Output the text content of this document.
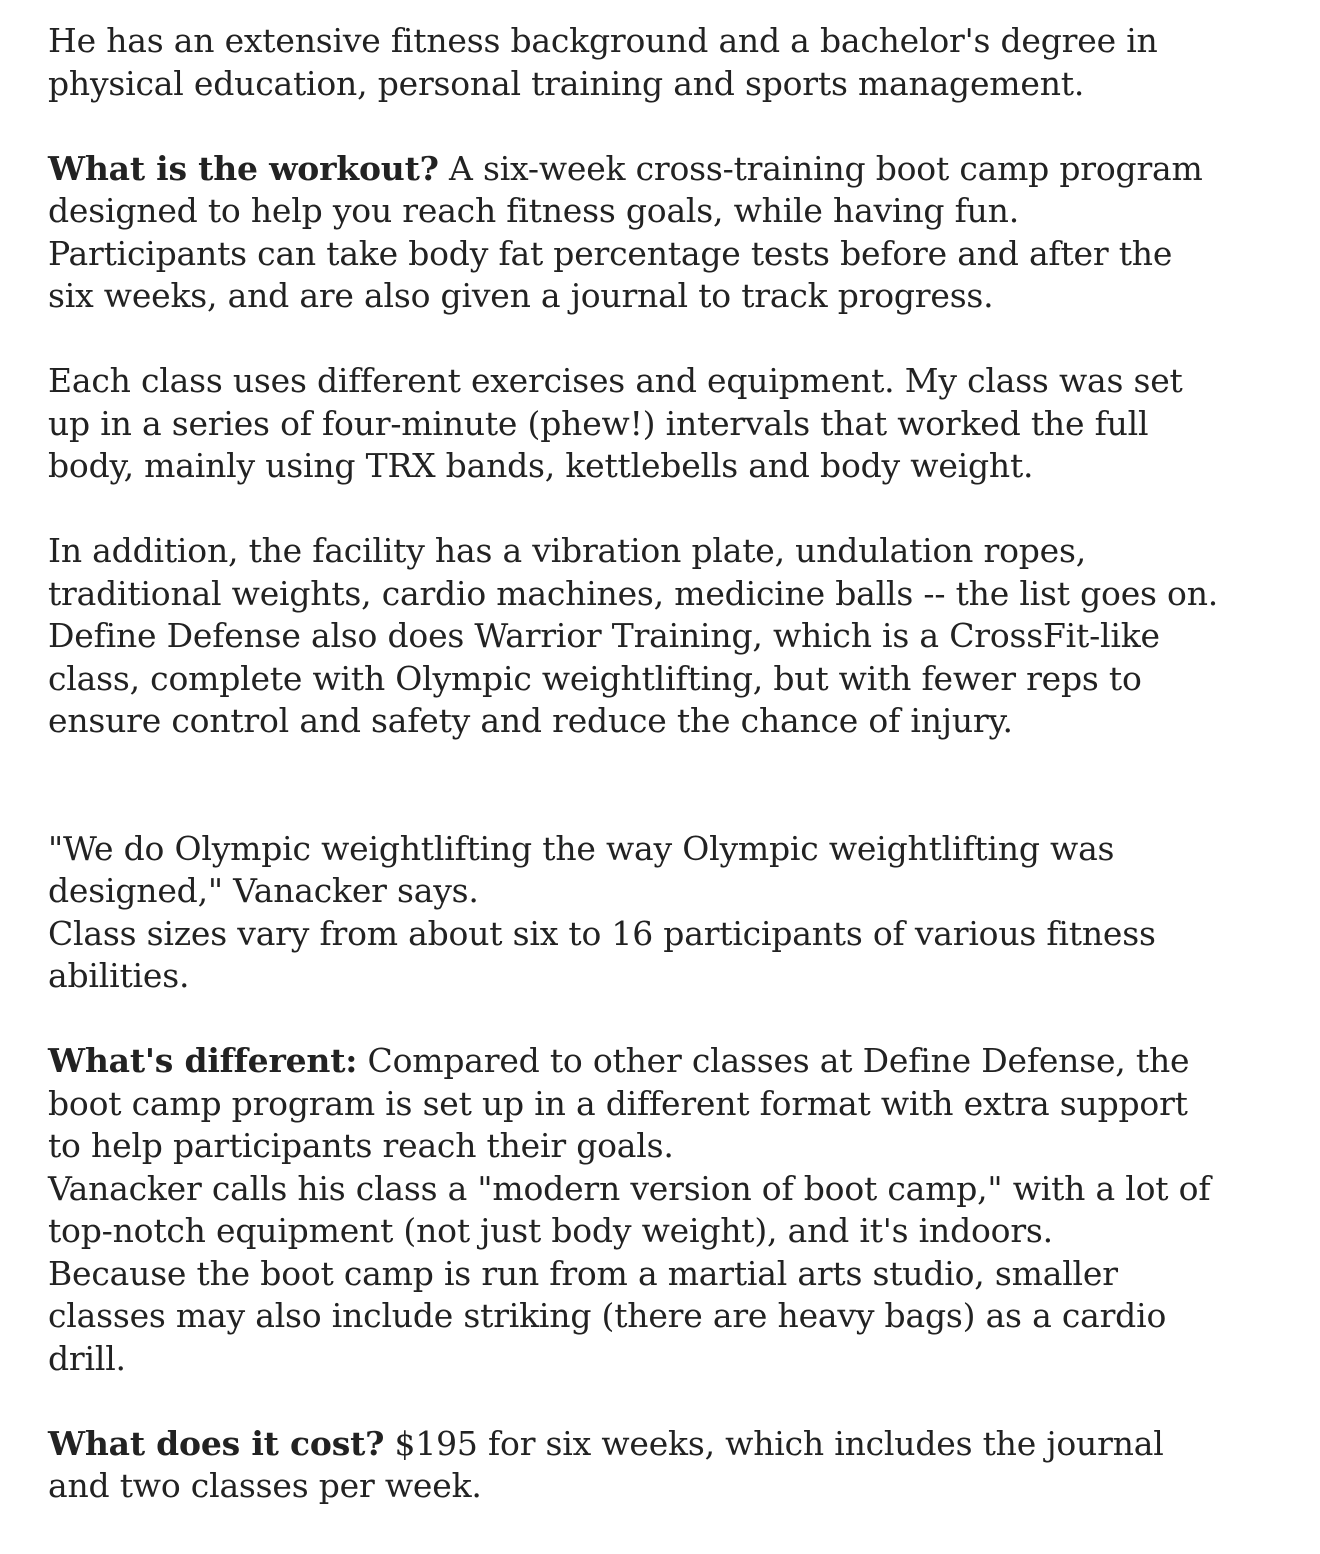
He has an extensive fitness background and a bachelor's degree in physical education, personal training and sports management.

What is the workout? A six-week cross-training boot camp program designed to help you reach fitness goals, while having fun. Participants can take body fat percentage tests before and after the six weeks, and are also given a journal to track progress.

Each class uses different exercises and equipment. My class was set up in a series of four-minute (phew!) intervals that worked the full body, mainly using TRX bands, kettlebells and body weight.

In addition, the facility has a vibration plate, undulation ropes, traditional weights, cardio machines, medicine balls -- the list goes on. Define Defense also does Warrior Training, which is a CrossFit-like class, complete with Olympic weightlifting, but with fewer reps to ensure control and safety and reduce the chance of injury.

"We do Olympic weightlifting the way Olympic weightlifting was designed," Vanacker says.

Class sizes vary from about six to 16 participants of various fitness abilities.

What's different: Compared to other classes at Define Defense, the boot camp program is set up in a different format with extra support to help participants reach their goals.

Vanacker calls his class a "modern version of boot camp," with a lot of top-notch equipment (not just body weight), and it's indoors.

Because the boot camp is run from a martial arts studio, smaller classes may also include striking (there are heavy bags) as a cardio drill.

What does it cost? $195 for six weeks, which includes the journal and two classes per week.
